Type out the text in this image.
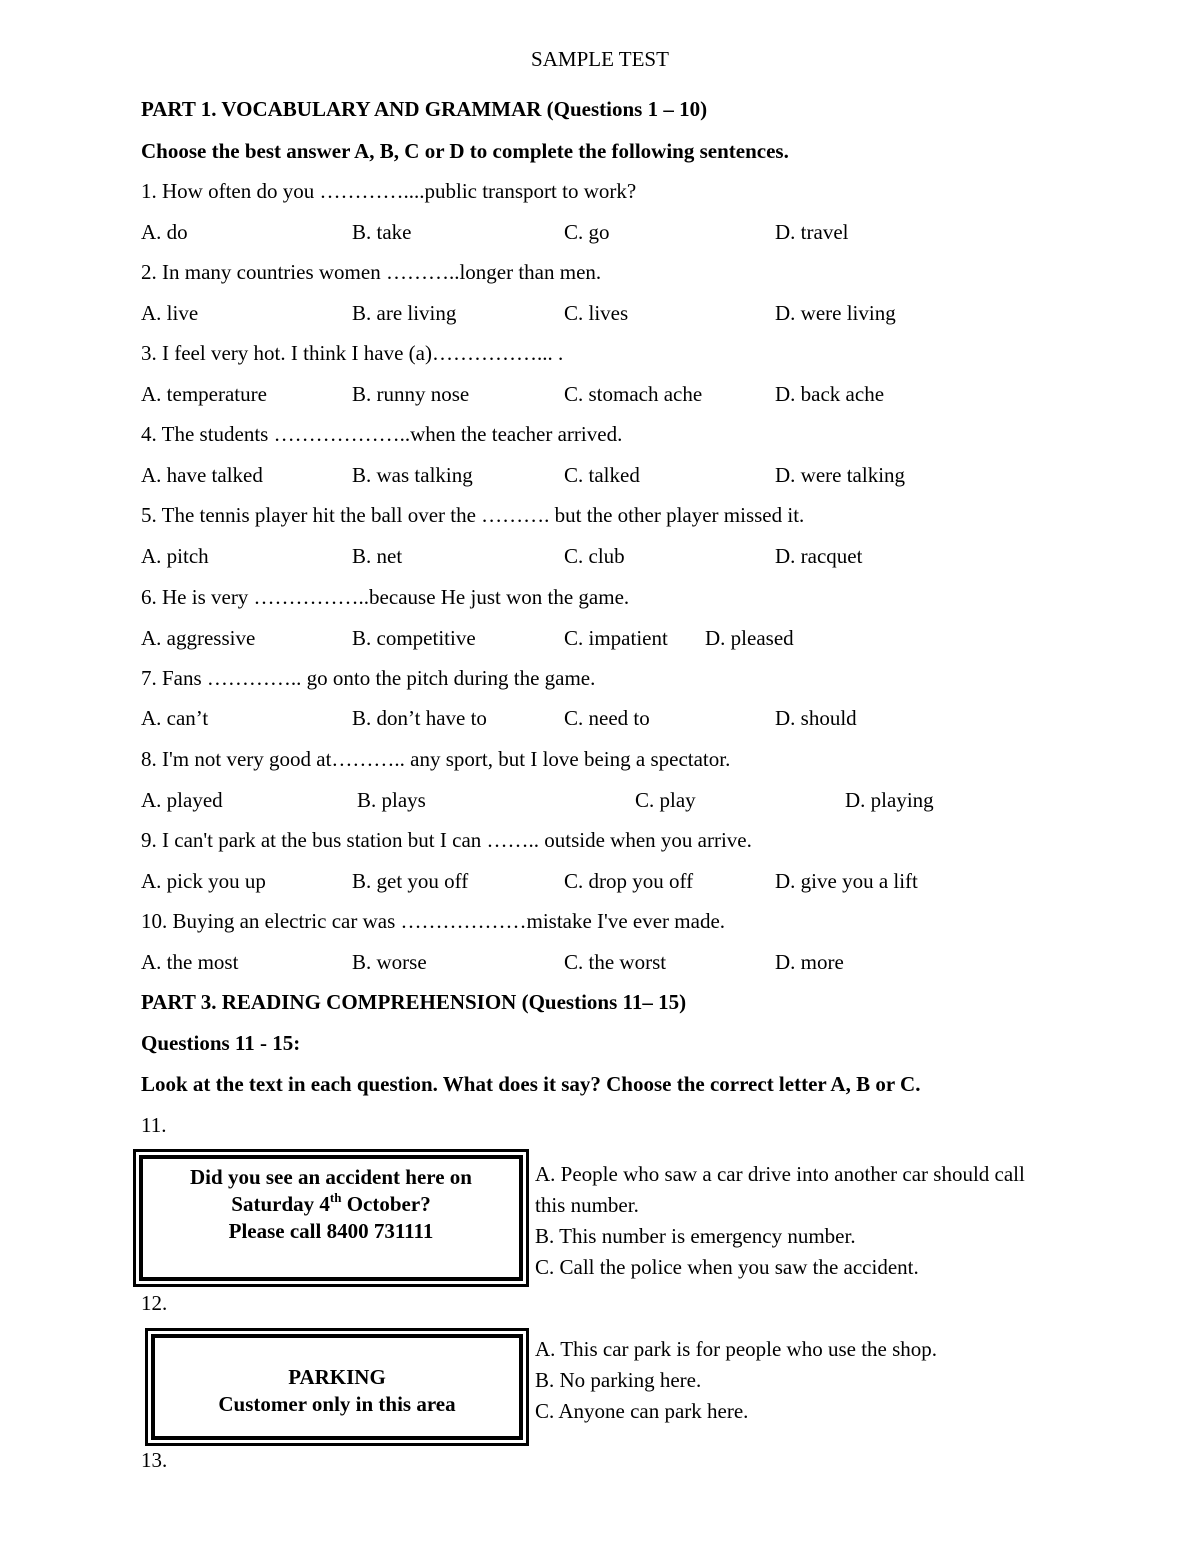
SAMPLE TEST
PART 1. VOCABULARY AND GRAMMAR (Questions 1 – 10)
Choose the best answer A, B, C or D to complete the following sentences.
1. How often do you …………....public transport to work?
A. do	B. take	C. go	D. travel
2. In many countries women ………..longer than men.
A. live	B. are living	C. lives	D. were living
3. I feel very hot. I think I have (a)……………... .
A. temperature	B. runny nose	C. stomach ache	D. back ache
4. The students ………………..when the teacher arrived.
A. have talked	B. was talking	C. talked	D. were talking
5. The tennis player hit the ball over the ………. but the other player missed it.
A. pitch	B. net	C. club	D. racquet
6. He is very ……………..because He just won the game.
A. aggressive	B. competitive	C. impatient D. pleased
7. Fans ………….. go onto the pitch during the game.
A. can’t	B. don’t have to	C. need to	D. should
8. I'm not very good at……….. any sport, but I love being a spectator.
A. played	B. plays	C. play	D. playing
9. I can't park at the bus station but I can …….. outside when you arrive.
A. pick you up	B. get you off	C. drop you off	D. give you a lift
10. Buying an electric car was ………………mistake I've ever made.
A. the most	B. worse	C. the worst	D. more
PART 3. READING COMPREHENSION (Questions 11– 15)
Questions 11 - 15:
Look at the text in each question. What does it say? Choose the correct letter A, B or C.
11.
Did you see an accident here on
Saturday 4th October?
Please call 8400 731111
A. People who saw a car drive into another car should call this number.
B. This number is emergency number.
C. Call the police when you saw the accident.
12.
PARKING
Customer only in this area
A. This car park is for people who use the shop.
B. No parking here.
C. Anyone can park here.
13.
